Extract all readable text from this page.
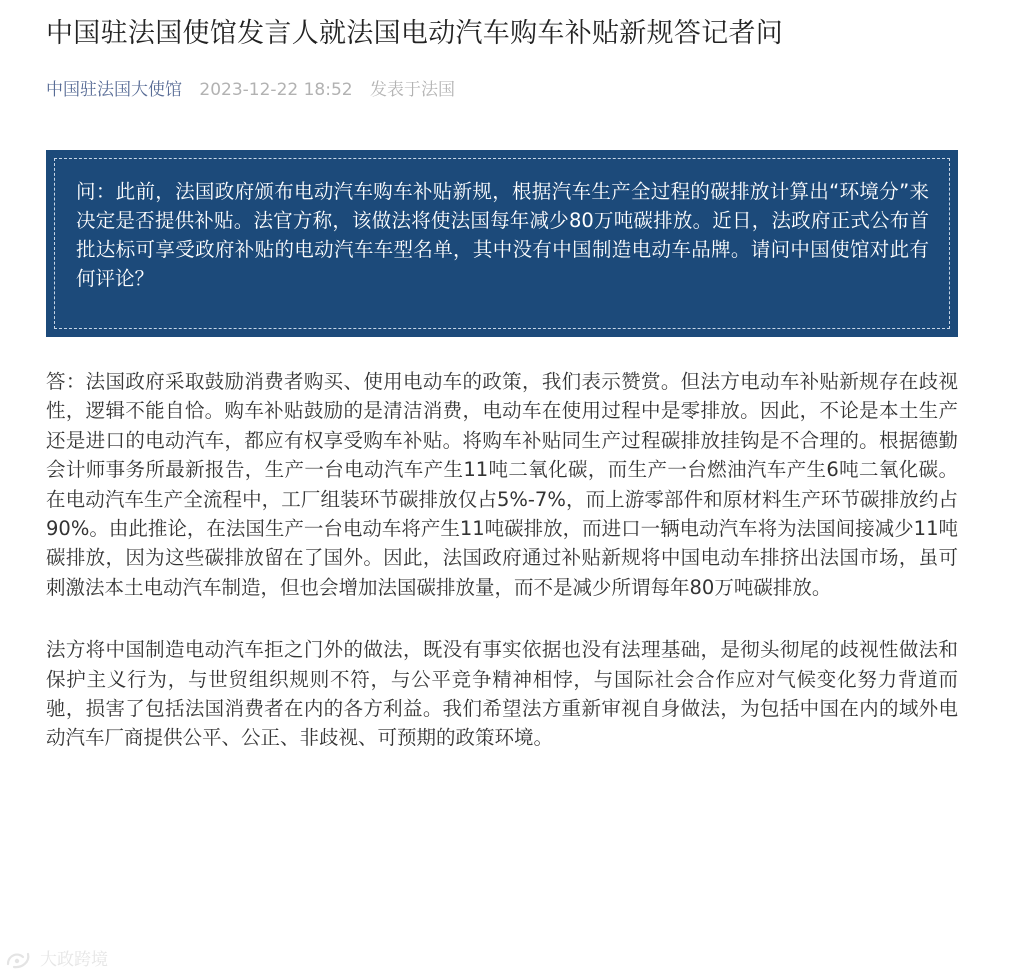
中国驻法国使馆发言人就法国电动汽车购车补贴新规答记者问
中国驻法国大使馆 2023-12-22 18:52 发表于法国
问：此前，法国政府颁布电动汽车购车补贴新规，根据汽车生产全过程的碳排放计算出“环境分”来决定是否提供补贴。法官方称，该做法将使法国每年减少80万吨碳排放。近日，法政府正式公布首批达标可享受政府补贴的电动汽车车型名单，其中没有中国制造电动车品牌。请问中国使馆对此有何评论？

答：法国政府采取鼓励消费者购买、使用电动车的政策，我们表示赞赏。但法方电动车补贴新规存在歧视性，逻辑不能自恰。购车补贴鼓励的是清洁消费，电动车在使用过程中是零排放。因此，不论是本土生产还是进口的电动汽车，都应有权享受购车补贴。将购车补贴同生产过程碳排放挂钩是不合理的。根据德勤会计师事务所最新报告，生产一台电动汽车产生11吨二氧化碳，而生产一台燃油汽车产生6吨二氧化碳。在电动汽车生产全流程中，工厂组装环节碳排放仅占5%-7%，而上游零部件和原材料生产环节碳排放约占90%。由此推论，在法国生产一台电动车将产生11吨碳排放，而进口一辆电动汽车将为法国间接减少11吨碳排放，因为这些碳排放留在了国外。因此，法国政府通过补贴新规将中国电动车排挤出法国市场，虽可刺激法本土电动汽车制造，但也会增加法国碳排放量，而不是减少所谓每年80万吨碳排放。

法方将中国制造电动汽车拒之门外的做法，既没有事实依据也没有法理基础，是彻头彻尾的歧视性做法和保护主义行为，与世贸组织规则不符，与公平竞争精神相悖，与国际社会合作应对气候变化努力背道而驰，损害了包括法国消费者在内的各方利益。我们希望法方重新审视自身做法，为包括中国在内的域外电动汽车厂商提供公平、公正、非歧视、可预期的政策环境。

大政跨境
